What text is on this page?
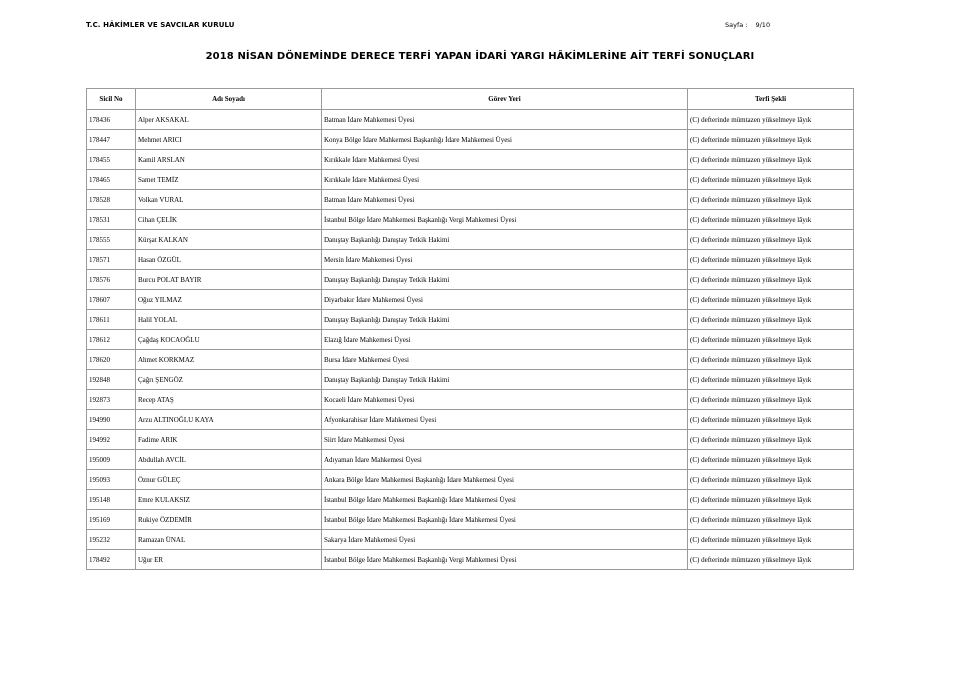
T.C. HÂKİMLER VE SAVCILAR KURULU	Sayfa : 9/10
2018 NİSAN DÖNEMİNDE DERECE TERFİ YAPAN İDARİ YARGI HÂKİMLERİNE AİT TERFİ SONUÇLARI
Sicil No	Adı Soyadı	Görev Yeri	Terfi Şekli
178436	Alper AKSAKAL	Batman İdare Mahkemesi Üyesi	(C) defterinde mümtazen yükselmeye lâyık
178447	Mehmet ARICI	Konya Bölge İdare Mahkemesi Başkanlığı İdare Mahkemesi Üyesi	(C) defterinde mümtazen yükselmeye lâyık
178455	Kamil ARSLAN	Kırıkkale İdare Mahkemesi Üyesi	(C) defterinde mümtazen yükselmeye lâyık
178465	Samet TEMİZ	Kırıkkale İdare Mahkemesi Üyesi	(C) defterinde mümtazen yükselmeye lâyık
178528	Volkan VURAL	Batman İdare Mahkemesi Üyesi	(C) defterinde mümtazen yükselmeye lâyık
178531	Cihan ÇELİK	İstanbul Bölge İdare Mahkemesi Başkanlığı Vergi Mahkemesi Üyesi	(C) defterinde mümtazen yükselmeye lâyık
178555	Kürşat KALKAN	Danıştay Başkanlığı Danıştay Tetkik Hakimi	(C) defterinde mümtazen yükselmeye lâyık
178571	Hasan ÖZGÜL	Mersin İdare Mahkemesi Üyesi	(C) defterinde mümtazen yükselmeye lâyık
178576	Burcu POLAT BAYIR	Danıştay Başkanlığı Danıştay Tetkik Hakimi	(C) defterinde mümtazen yükselmeye lâyık
178607	Oğuz YILMAZ	Diyarbakır İdare Mahkemesi Üyesi	(C) defterinde mümtazen yükselmeye lâyık
178611	Halil YOLAL	Danıştay Başkanlığı Danıştay Tetkik Hakimi	(C) defterinde mümtazen yükselmeye lâyık
178612	Çağdaş KOCAOĞLU	Elazığ İdare Mahkemesi Üyesi	(C) defterinde mümtazen yükselmeye lâyık
178620	Ahmet KORKMAZ	Bursa İdare Mahkemesi Üyesi	(C) defterinde mümtazen yükselmeye lâyık
192848	Çağrı ŞENGÖZ	Danıştay Başkanlığı Danıştay Tetkik Hakimi	(C) defterinde mümtazen yükselmeye lâyık
192873	Recep ATAŞ	Kocaeli İdare Mahkemesi Üyesi	(C) defterinde mümtazen yükselmeye lâyık
194990	Arzu ALTINOĞLU KAYA	Afyonkarahisar İdare Mahkemesi Üyesi	(C) defterinde mümtazen yükselmeye lâyık
194992	Fadime ARIK	Siirt İdare Mahkemesi Üyesi	(C) defterinde mümtazen yükselmeye lâyık
195009	Abdullah AVCİL	Adıyaman İdare Mahkemesi Üyesi	(C) defterinde mümtazen yükselmeye lâyık
195093	Öznur GÜLEÇ	Ankara Bölge İdare Mahkemesi Başkanlığı İdare Mahkemesi Üyesi	(C) defterinde mümtazen yükselmeye lâyık
195148	Emre KULAKSIZ	İstanbul Bölge İdare Mahkemesi Başkanlığı İdare Mahkemesi Üyesi	(C) defterinde mümtazen yükselmeye lâyık
195169	Rukiye ÖZDEMİR	İstanbul Bölge İdare Mahkemesi Başkanlığı İdare Mahkemesi Üyesi	(C) defterinde mümtazen yükselmeye lâyık
195232	Ramazan ÜNAL	Sakarya İdare Mahkemesi Üyesi	(C) defterinde mümtazen yükselmeye lâyık
178492	Uğur ER	İstanbul Bölge İdare Mahkemesi Başkanlığı Vergi Mahkemesi Üyesi	(C) defterinde mümtazen yükselmeye lâyık
